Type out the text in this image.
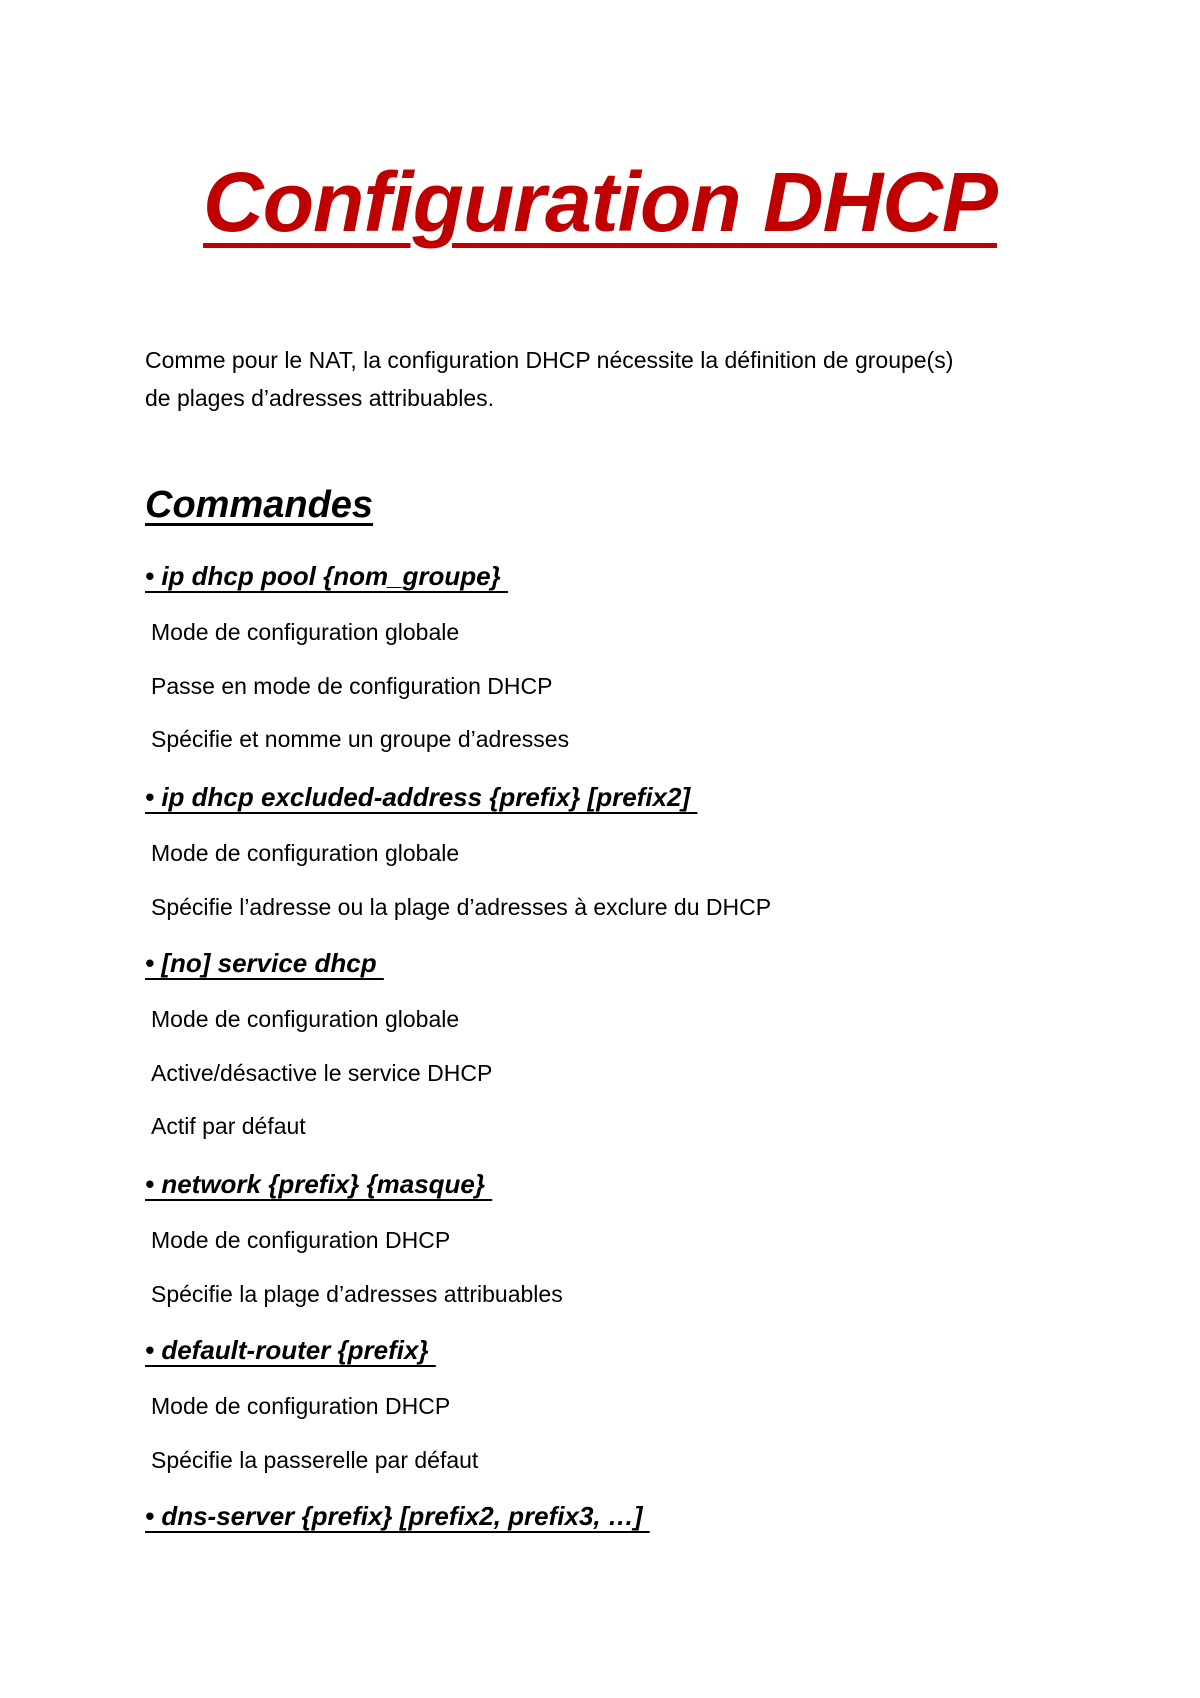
Configuration DHCP
Comme pour le NAT, la configuration DHCP nécessite la définition de groupe(s)
de plages d’adresses attribuables.
Commandes
• ip dhcp pool {nom_groupe}
Mode de configuration globale
Passe en mode de configuration DHCP
Spécifie et nomme un groupe d’adresses
• ip dhcp excluded-address {prefix} [prefix2]
Mode de configuration globale
Spécifie l’adresse ou la plage d’adresses à exclure du DHCP
• [no] service dhcp
Mode de configuration globale
Active/désactive le service DHCP
Actif par défaut
• network {prefix} {masque}
Mode de configuration DHCP
Spécifie la plage d’adresses attribuables
• default-router {prefix}
Mode de configuration DHCP
Spécifie la passerelle par défaut
• dns-server {prefix} [prefix2, prefix3, …]
